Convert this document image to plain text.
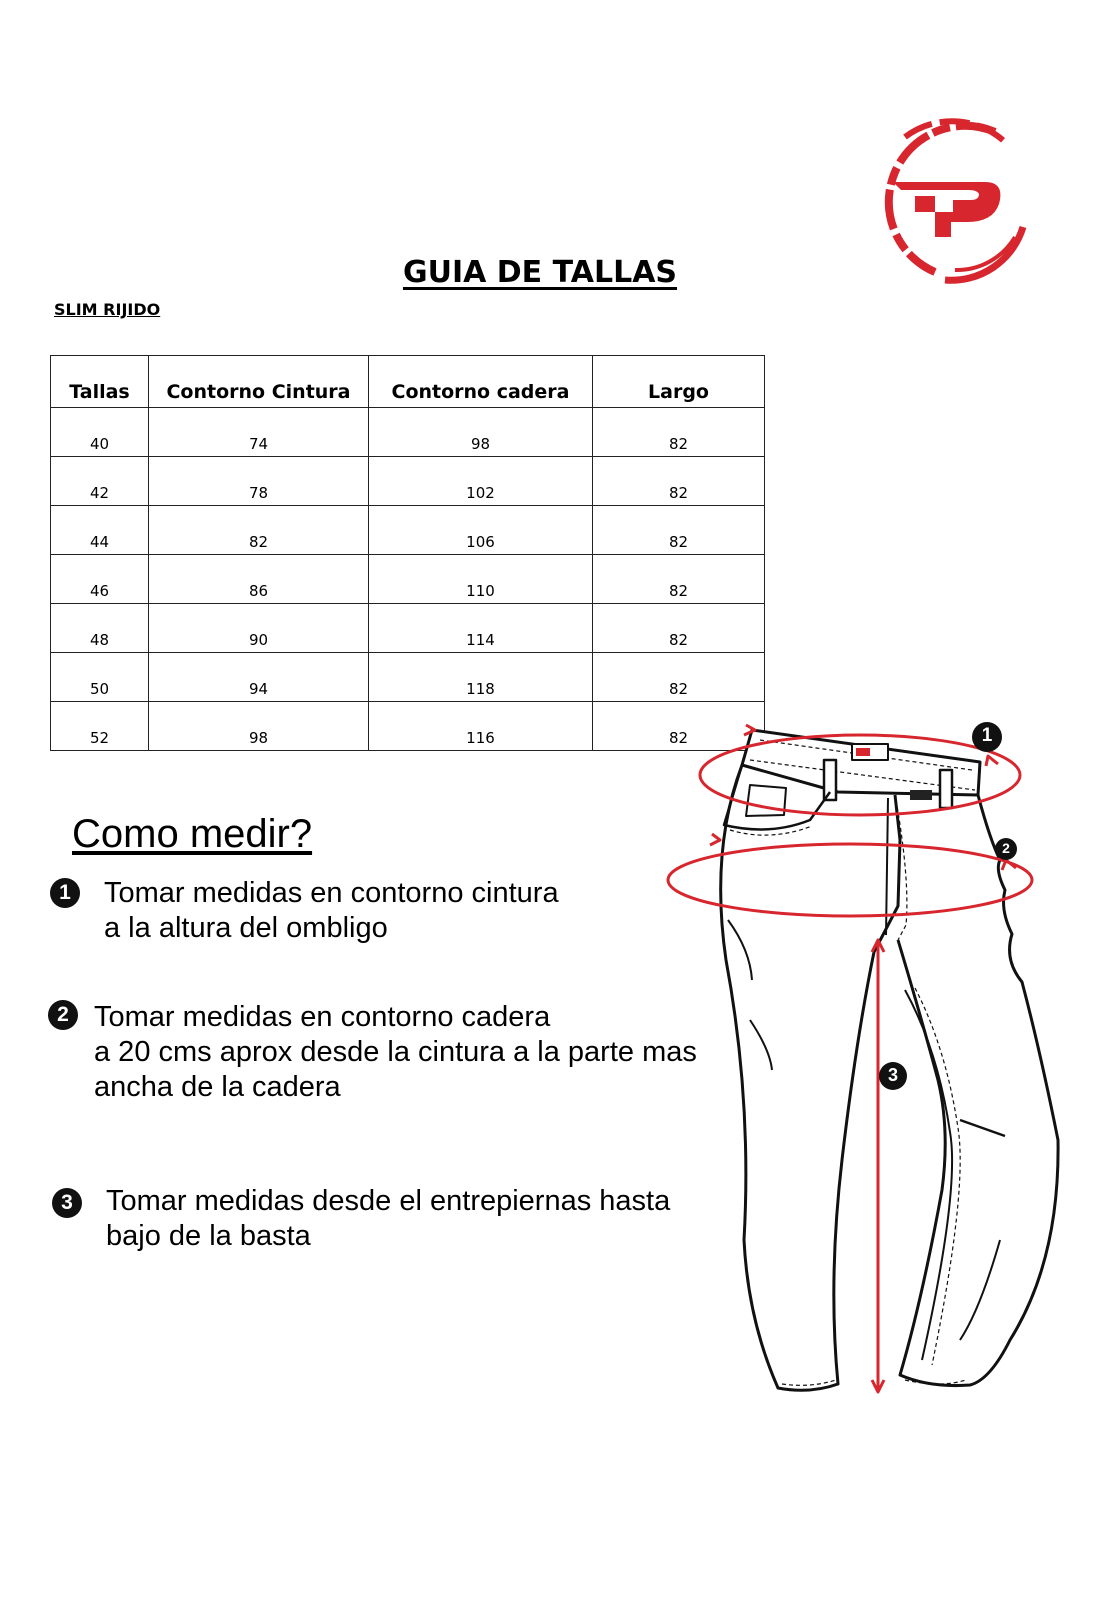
GUIA DE TALLAS
SLIM RIJIDO
Tallas	Contorno Cintura	Contorno cadera	Largo
40	74	98	82
42	78	102	82
44	82	106	82
46	86	110	82
48	90	114	82
50	94	118	82
52	98	116	82
Como medir?
1	Tomar medidas en contorno cintura
a la altura del ombligo
2 Tomar medidas en contorno cadera
a 20 cms aprox desde la cintura a la parte mas
ancha de la cadera
3	Tomar medidas desde el entrepiernas hasta
bajo de la basta
1
2
3
